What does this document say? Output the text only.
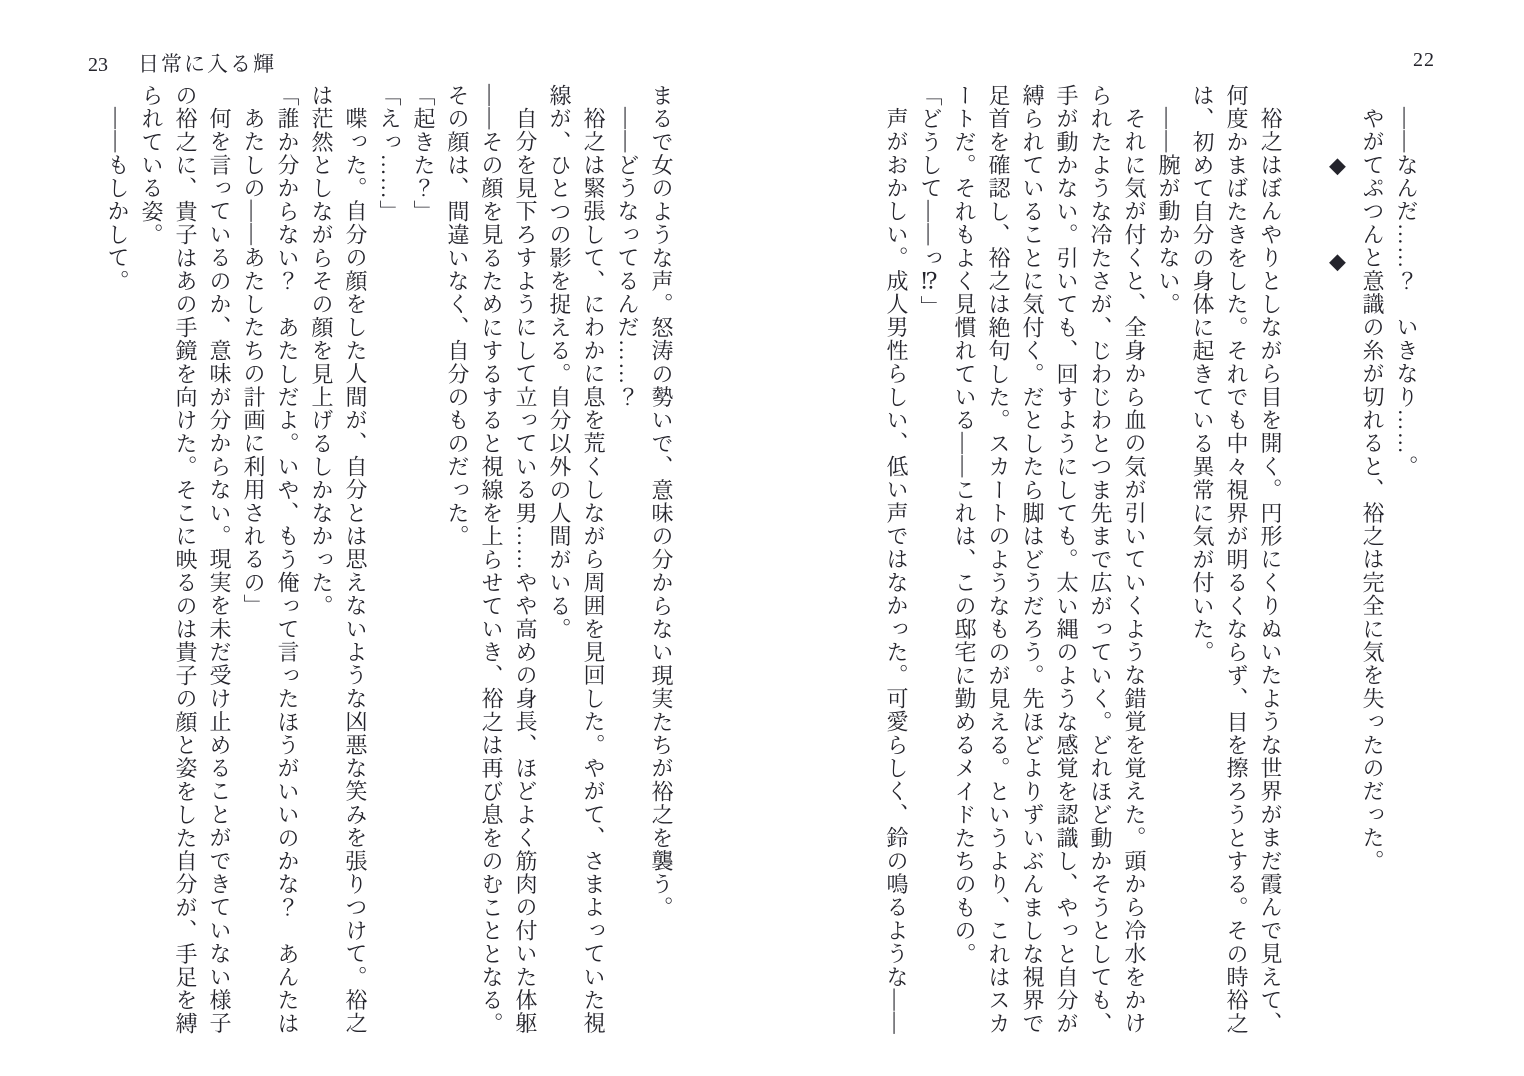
22
――なんだ……？　いきなり……。
やがてぷつんと意識の糸が切れると、裕之は完全に気を失ったのだった。
　　　◆　　　◆
裕之はぼんやりとしながら目を開く。円形にくりぬいたような世界がまだ霞んで見えて、
何度かまばたきをした。それでも中々視界が明るくならず、目を擦ろうとする。その時裕之
は、初めて自分の身体に起きている異常に気が付いた。
――腕が動かない。
それに気が付くと、全身から血の気が引いていくような錯覚を覚えた。頭から冷水をかけ
られたような冷たさが、じわじわとつま先まで広がっていく。どれほど動かそうとしても、
手が動かない。引いても、回すようにしても。太い縄のような感覚を認識し、やっと自分が
縛られていることに気付く。だとしたら脚はどうだろう。先ほどよりずいぶんましな視界で
足首を確認し、裕之は絶句した。スカートのようなものが見える。というより、これはスカ
ートだ。それもよく見慣れている――これは、この邸宅に勤めるメイドたちのもの。
「どうして――っ⁉」
声がおかしい。成人男性らしい、低い声ではなかった。可愛らしく、鈴の鳴るような――
23 日常に入る輝
まるで女のような声。怒涛の勢いで、意味の分からない現実たちが裕之を襲う。
――どうなってるんだ……？
裕之は緊張して、にわかに息を荒くしながら周囲を見回した。やがて、さまよっていた視
線が、ひとつの影を捉える。自分以外の人間がいる。
自分を見下ろすようにして立っている男……やや高めの身長、ほどよく筋肉の付いた体躯
――その顔を見るためにするすると視線を上らせていき、裕之は再び息をのむこととなる。
その顔は、間違いなく、自分のものだった。
「起きた？」
「えっ……」
喋った。自分の顔をした人間が、自分とは思えないような凶悪な笑みを張りつけて。裕之
は茫然としながらその顔を見上げるしかなかった。
「誰か分からない？　あたしだよ。いや、もう俺って言ったほうがいいのかな？　あんたは
あたしの――あたしたちの計画に利用されるの」
何を言っているのか、意味が分からない。現実を未だ受け止めることができていない様子
の裕之に、貴子はあの手鏡を向けた。そこに映るのは貴子の顔と姿をした自分が、手足を縛
られている姿。
――もしかして。
